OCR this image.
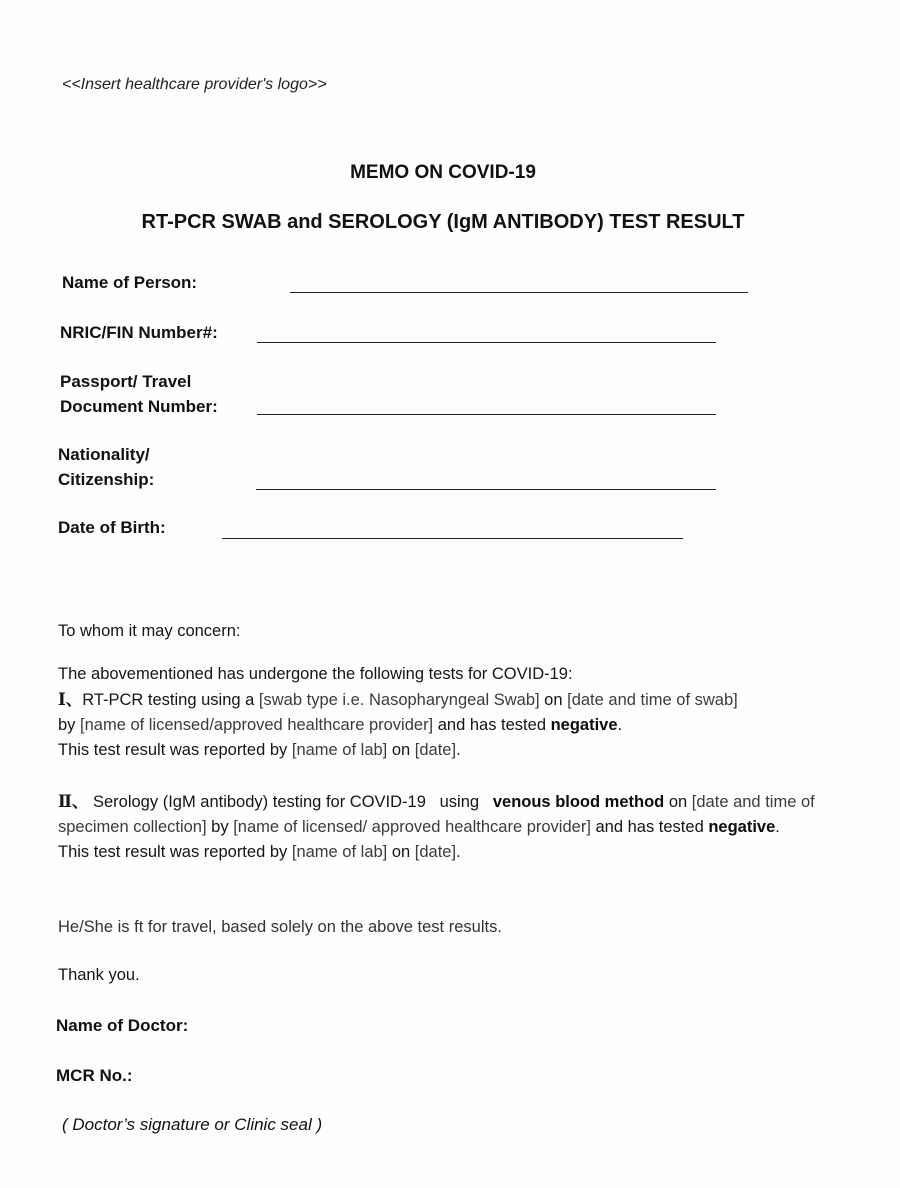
<<Insert healthcare provider's logo>>
MEMO ON COVID-19
RT-PCR SWAB and SEROLOGY (IgM ANTIBODY) TEST RESULT
Name of Person:
NRIC/FIN Number#:
Passport/ Travel
Document Number:
Nationality/
Citizenship:
Date of Birth:
To whom it may concern:
The abovementioned has undergone the following tests for COVID-19:
Ⅰ、RT-PCR testing using a [swab type i.e. Nasopharyngeal Swab] on [date and time of swab]
by [name of licensed/approved healthcare provider] and has tested negative.
This test result was reported by [name of lab] on [date].
Ⅱ、 Serology (IgM antibody) testing for COVID-19   using   venous blood method on [date and time of specimen collection] by [name of licensed/ approved healthcare provider] and has tested negative.
This test result was reported by [name of lab] on [date].
He/She is ft for travel, based solely on the above test results.
Thank you.
Name of Doctor:
MCR No.:
( Doctor’s signature or Clinic seal )
